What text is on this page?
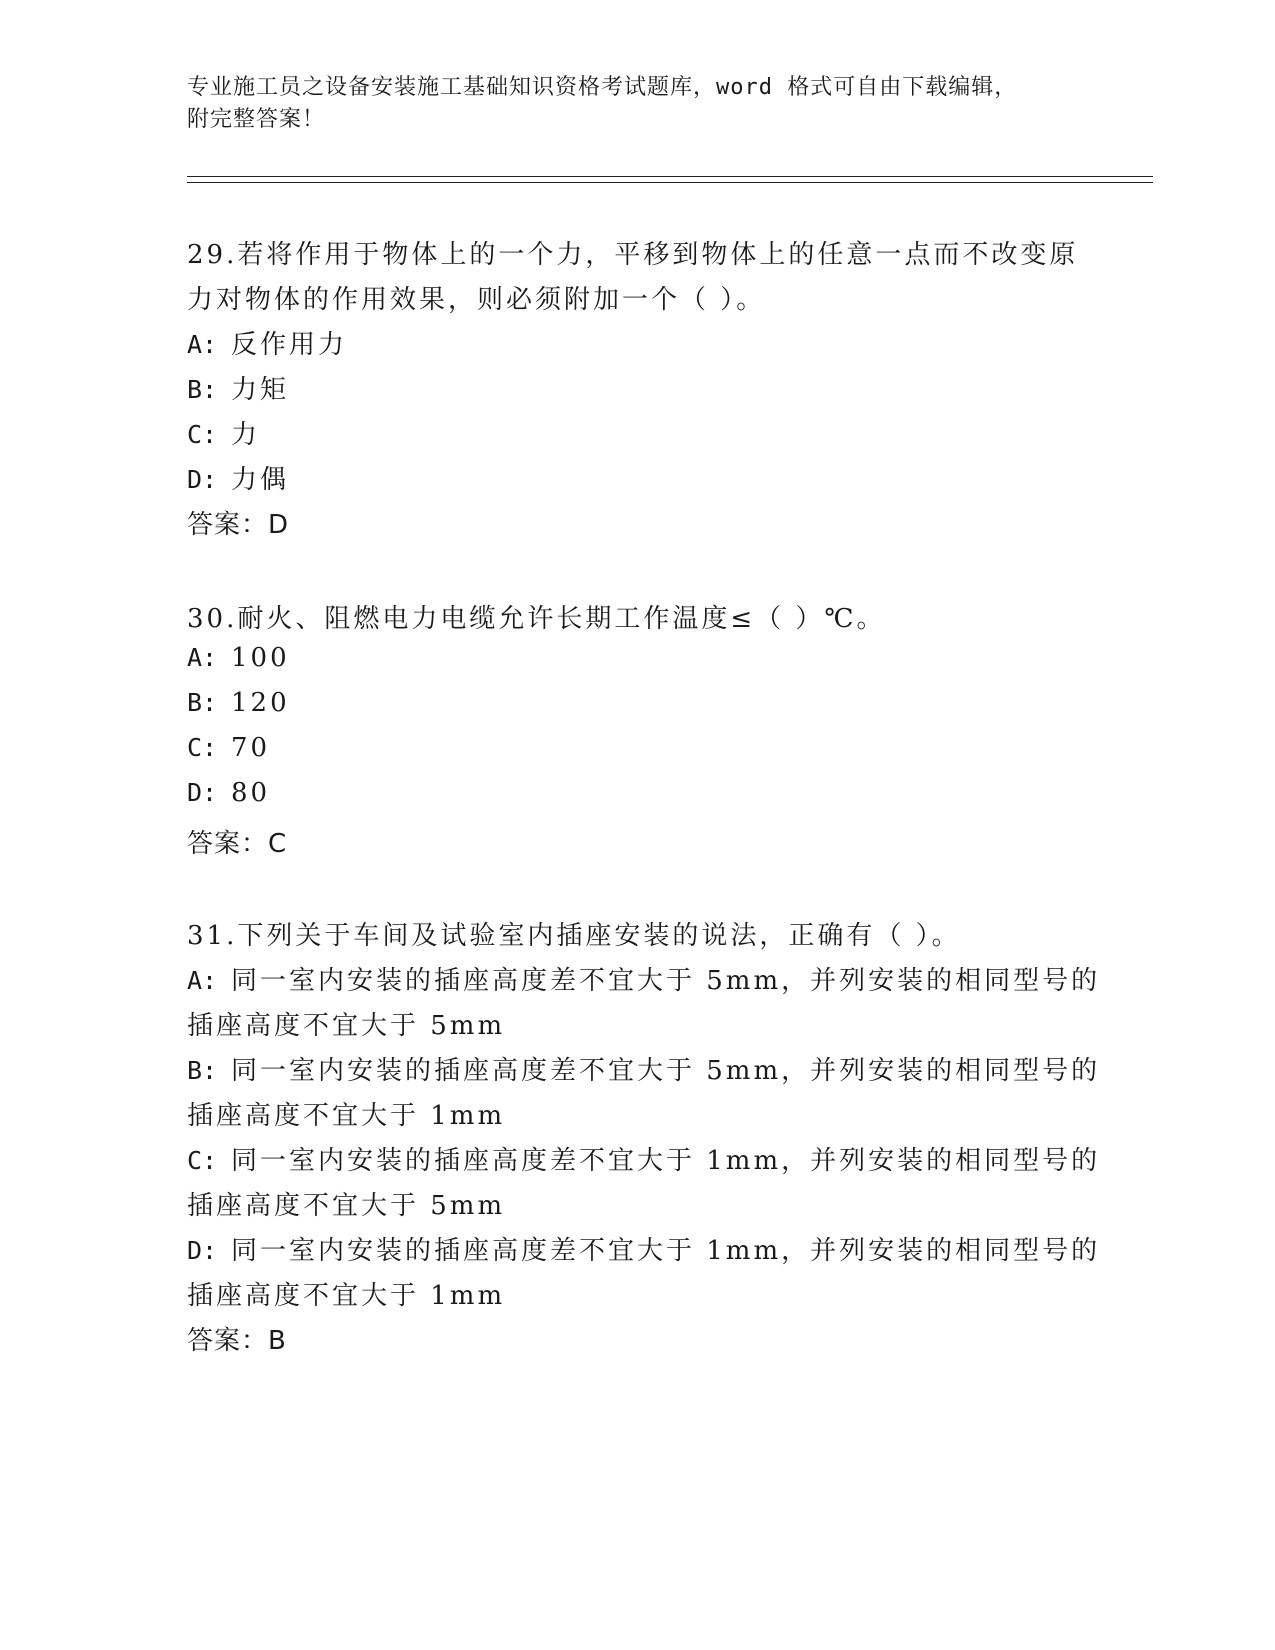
专业施工员之设备安装施工基础知识资格考试题库，word 格式可自由下载编辑，
附完整答案！
29.若将作用于物体上的一个力，平移到物体上的任意一点而不改变原
力对物体的作用效果，则必须附加一个（ ）。
A: 反作用力
B: 力矩
C: 力
D: 力偶
答案：D
30.耐火、阻燃电力电缆允许长期工作温度≤（ ）℃。
A: 100
B: 120
C: 70
D: 80
答案：C
31.下列关于车间及试验室内插座安装的说法，正确有（ ）。
A: 同一室内安装的插座高度差不宜大于 5mm，并列安装的相同型号的
插座高度不宜大于 5mm
B: 同一室内安装的插座高度差不宜大于 5mm，并列安装的相同型号的
插座高度不宜大于 1mm
C: 同一室内安装的插座高度差不宜大于 1mm，并列安装的相同型号的
插座高度不宜大于 5mm
D: 同一室内安装的插座高度差不宜大于 1mm，并列安装的相同型号的
插座高度不宜大于 1mm
答案：B
